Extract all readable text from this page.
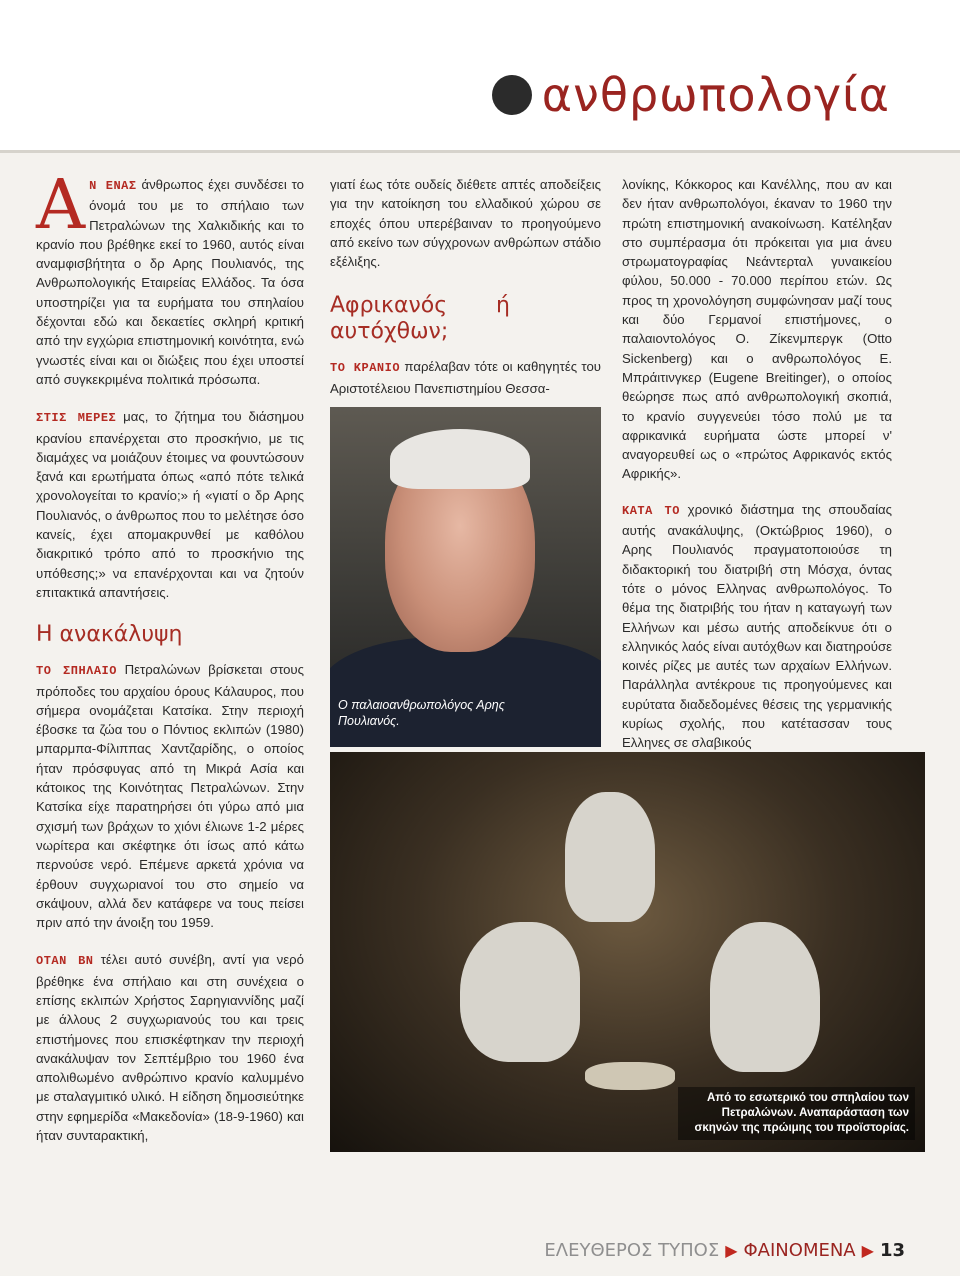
ανθρωπολογία

Α Ν ΕΝΑΣ άνθρωπος έχει συνδέσει το όνομά του με το σπήλαιο των Πετραλώνων της Χαλκιδικής και το κρανίο που βρέθηκε εκεί το 1960, αυτός είναι αναμφισβήτητα ο δρ Αρης Πουλιανός, της Ανθρωπολογικής Εταιρείας Ελλάδος. Τα όσα υποστηρίζει για τα ευρήματα του σπηλαίου δέχονται εδώ και δεκαετίες σκληρή κριτική από την εγχώρια επιστημονική κοινότητα, ενώ γνωστές είναι και οι διώξεις που έχει υποστεί από συγκεκριμένα πολιτικά πρόσωπα.

ΣΤΙΣ ΜΕΡΕΣ μας, το ζήτημα του διάσημου κρανίου επανέρχεται στο προσκήνιο, με τις διαμάχες να μοιάζουν έτοιμες να φουντώσουν ξανά και ερωτήματα όπως «από πότε τελικά χρονολογείται το κρανίο;» ή «γιατί ο δρ Αρης Πουλιανός, ο άνθρωπος που το μελέτησε όσο κανείς, έχει απομακρυνθεί με καθόλου διακριτικό τρόπο από το προσκήνιο της υπόθεσης;» να επανέρχονται και να ζητούν επιτακτικά απαντήσεις.

Η ανακάλυψη

ΤΟ ΣΠΗΛΑΙΟ Πετραλώνων βρίσκεται στους πρόποδες του αρχαίου όρους Κάλαυρος, που σήμερα ονομάζεται Κατσίκα. Στην περιοχή έβοσκε τα ζώα του ο Πόντιος εκλιπών (1980) μπαρμπα-Φίλιππας Χαντζαρίδης, ο οποίος ήταν πρόσφυγας από τη Μικρά Ασία και κάτοικος της Κοινότητας Πετραλώνων. Στην Κατσίκα είχε παρατηρήσει ότι γύρω από μια σχισμή των βράχων το χιόνι έλιωνε 1-2 μέρες νωρίτερα και σκέφτηκε ότι ίσως από κάτω περνούσε νερό. Επέμενε αρκετά χρόνια να έρθουν συγχωριανοί του στο σημείο να σκάψουν, αλλά δεν κατάφερε να τους πείσει πριν από την άνοιξη του 1959.

ΟΤΑΝ ΒΝ τέλει αυτό συνέβη, αντί για νερό βρέθηκε ένα σπήλαιο και στη συνέχεια ο επίσης εκλιπών Χρήστος Σαρηγιαννίδης μαζί με άλλους 2 συγχωριανούς του και τρεις επιστήμονες που επισκέφτηκαν την περιοχή ανακάλυψαν τον Σεπτέμβριο του 1960 ένα απολιθωμένο ανθρώπινο κρανίο καλυμμένο με σταλαγμιτικό υλικό. Η είδηση δημοσιεύτηκε στην εφημερίδα «Μακεδονία» (18-9-1960) και ήταν συνταρακτική,

γιατί έως τότε ουδείς διέθετε απτές αποδείξεις για την κατοίκηση του ελλαδικού χώρου σε εποχές όπου υπερέβαιναν το προηγούμενο από εκείνο των σύγχρονων ανθρώπων στάδιο εξέλιξης.

Αφρικανός ή αυτόχθων;

ΤΟ ΚΡΑΝΙΟ παρέλαβαν τότε οι καθηγητές του Αριστοτέλειου Πανεπιστημίου Θεσσα-

λονίκης, Κόκκορος και Κανέλλης, που αν και δεν ήταν ανθρωπολόγοι, έκαναν το 1960 την πρώτη επιστημονική ανακοίνωση. Κατέληξαν στο συμπέρασμα ότι πρόκειται για μια άνευ στρωματογραφίας Νεάντερταλ γυναικείου φύλου, 50.000 - 70.000 περίπου ετών. Ως προς τη χρονολόγηση συμφώνησαν μαζί τους και δύο Γερμανοί επιστήμονες, ο παλαιοντολόγος Ο. Ζίκενμπεργκ (Otto Sickenberg) και ο ανθρωπολόγος Ε. Μπράιτινγκερ (Eugene Breitinger), ο οποίος θεώρησε πως από ανθρωπολογική σκοπιά, το κρανίο συγγενεύει τόσο πολύ με τα αφρικανικά ευρήματα ώστε μπορεί ν' αναγορευθεί ως ο «πρώτος Αφρικανός εκτός Αφρικής».

ΚΑΤΑ ΤΟ χρονικό διάστημα της σπουδαίας αυτής ανακάλυψης, (Οκτώβριος 1960), ο Αρης Πουλιανός πραγματοποιούσε τη διδακτορική του διατριβή στη Μόσχα, όντας τότε ο μόνος Ελληνας ανθρωπολόγος. Το θέμα της διατριβής του ήταν η καταγωγή των Ελλήνων και μέσω αυτής αποδείκνυε ότι ο ελληνικός λαός είναι αυτόχθων και διατηρούσε κοινές ρίζες με αυτές των αρχαίων Ελλήνων. Παράλληλα αντέκρουε τις προηγούμενες και ευρύτατα διαδεδομένες θέσεις της γερμανικής κυρίως σχολής, που κατέτασσαν τους Ελληνες σε σλαβικούς

Ο παλαιοανθρωπολόγος Αρης Πουλιανός.
Από το εσωτερικό του σπηλαίου των Πετραλώνων. Αναπαράσταση των σκηνών της πρώιμης του προϊστορίας.
ΕΛΕΥΘΕΡΟΣ ΤΥΠΟΣ ▶ ΦΑΙΝΟΜΕΝΑ ▶ 13
